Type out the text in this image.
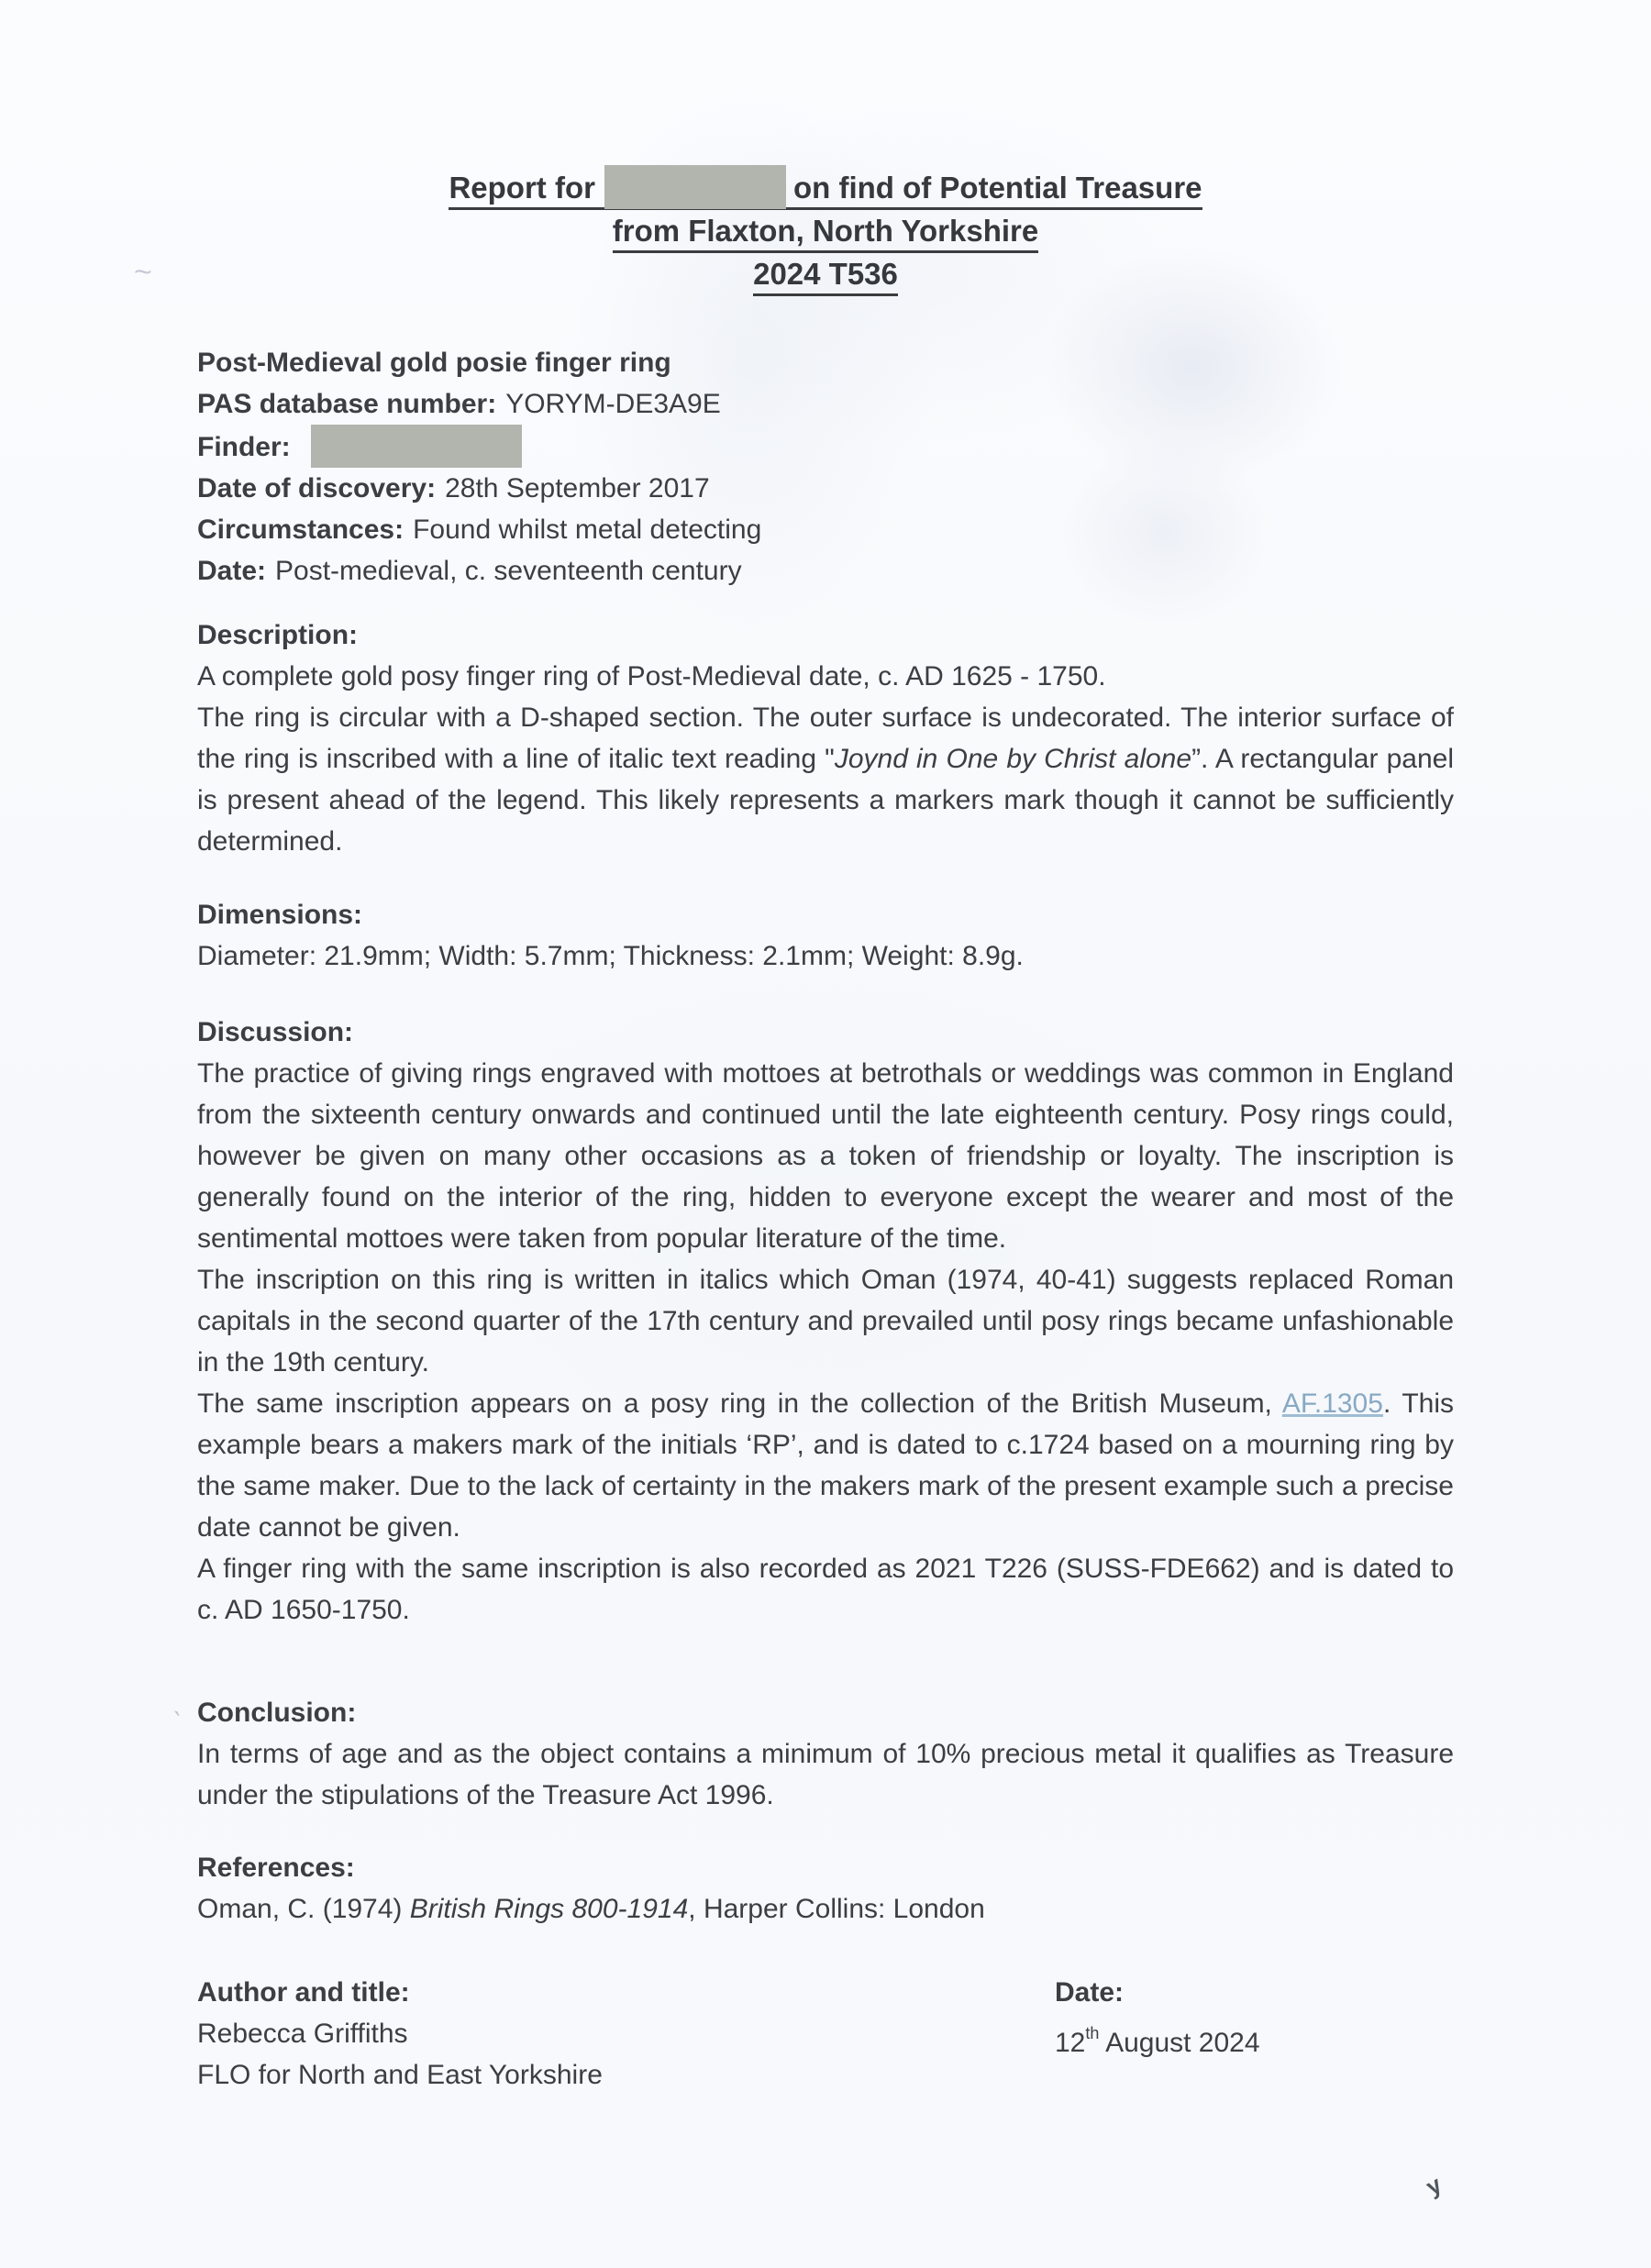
~
`
y
Report for	on find of Potential Treasure
from Flaxton, North Yorkshire
2024 T536
Post-Medieval gold posie finger ring
PAS database number: YORYM-DE3A9E
Finder:
Date of discovery: 28th September 2017
Circumstances: Found whilst metal detecting
Date: Post-medieval, c. seventeenth century
Description:
A complete gold posy finger ring of Post-Medieval date, c. AD 1625 - 1750.
The ring is circular with a D-shaped section. The outer surface is undecorated. The interior surface of the ring is inscribed with a line of italic text reading "Joynd in One by Christ alone”. A rectangular panel is present ahead of the legend. This likely represents a markers mark though it cannot be sufficiently determined.
Dimensions:
Diameter: 21.9mm; Width: 5.7mm; Thickness: 2.1mm; Weight: 8.9g.
Discussion:
The practice of giving rings engraved with mottoes at betrothals or weddings was common in England from the sixteenth century onwards and continued until the late eighteenth century. Posy rings could, however be given on many other occasions as a token of friendship or loyalty. The inscription is generally found on the interior of the ring, hidden to everyone except the wearer and most of the sentimental mottoes were taken from popular literature of the time.
The inscription on this ring is written in italics which Oman (1974, 40-41) suggests replaced Roman capitals in the second quarter of the 17th century and prevailed until posy rings became unfashionable in the 19th century.
The same inscription appears on a posy ring in the collection of the British Museum, AF.1305. This example bears a makers mark of the initials ‘RP’, and is dated to c.1724 based on a mourning ring by the same maker. Due to the lack of certainty in the makers mark of the present example such a precise date cannot be given.
A finger ring with the same inscription is also recorded as 2021 T226 (SUSS-FDE662) and is dated to c. AD 1650-1750.
Conclusion:
In terms of age and as the object contains a minimum of 10% precious metal it qualifies as Treasure under the stipulations of the Treasure Act 1996.
References:
Oman, C. (1974) British Rings 800-1914, Harper Collins: London
Author and title:
Rebecca Griffiths
FLO for North and East Yorkshire
Date:
12th August 2024
